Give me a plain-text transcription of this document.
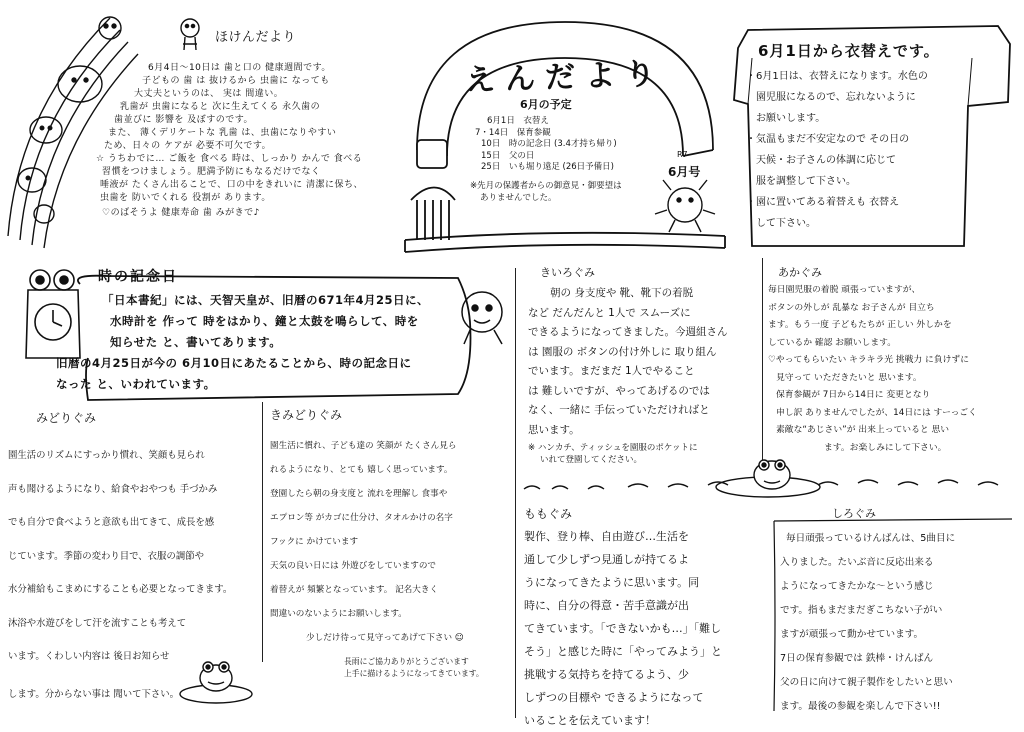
ほけんだより
6月4日〜10日は 歯と口の 健康週間です。
子どもの 歯 は 抜けるから 虫歯に なっても
大丈夫というのは、 実は 間違い。
乳歯が 虫歯になると 次に生えてくる 永久歯の
歯並びに 影響を 及ぼすのです。
また、 薄くデリケートな 乳歯 は、虫歯になりやすい
ため、日々の ケアが 必要不可欠です。
☆ うちわでに… ご飯を 食べる 時は、しっかり かんで 食べる
習慣をつけましょう。肥満予防にもなるだけでなく
唾液が たくさん出ることで、口の中をきれいに 清潔に保ち、
虫歯を 防いでくれる 役割が あります。
♡のばそうよ 健康寿命 歯 みがきで♪
えんだより
6月の予定
6月1日　衣替え
7・14日　保育参観
10日　時の記念日 (3.4才持ち帰り)
15日　父の日
25日　いも堀り遠足 (26日予備日)
※先月の保護者からの御意見・御要望は
ありませんでした。
6月号
R7
6月1日から衣替えです。
・6月1日は、衣替えになります。水色の
　園児服になるので、忘れないように
　お願いします。
・気温もまだ不安定なので その日の
　天候・お子さんの体調に応じて
　服を調整して下さい。
・園に置いてある着替えも 衣替え
　して下さい。
時の記念日
「日本書紀」には、天智天皇が、旧暦の671年4月25日に、
水時計を 作って 時をはかり、鐘と太鼓を鳴らして、時を
知らせた と、書いてあります。
旧暦の4月25日が今の 6月10日にあたることから、時の記念日に
なった と、いわれています。
きいろぐみ
朝の 身支度や 靴、靴下の着脱
など だんだんと 1人で スムーズに
できるようになってきました。今週組さん
は 園服の ボタンの付け外しに 取り組ん
でいます。まだまだ 1人でやること
は 難しいですが、やってあげるのでは
なく、一緒に 手伝っていただければと
思います。
※ ハンカチ、ティッシュを園服のポケットに
いれて登園してください。
あかぐみ
毎日園児服の着脱 頑張っていますが、
ボタンの外しが 乱暴な お子さんが 目立ち
ます。もう一度 子どもたちが 正しい 外しかを
しているか 確認 お願いします。
♡やってもらいたい キラキラ光 挑戦力 に負けずに
見守って いただきたいと 思います。
保育参観が 7日から14日に 変更となり
申し訳 ありませんでしたが、14日には すーっごく
素敵な“あじさい”が 出来上っていると 思い
ます。お楽しみにして下さい。
みどりぐみ
園生活のリズムにすっかり慣れ、笑顔も見られ
声も聞けるようになり、給食やおやつも 手づかみ
でも自分で食べようと意欲も出てきて、成長を感
じています。季節の変わり目で、衣服の調節や
水分補給もこまめにすることも必要となってきます。
沐浴や水遊びをして汗を流すことも考えて
います。くわしい内容は 後日お知らせ
します。分からない事は 聞いて下さい。
きみどりぐみ
園生活に慣れ、子ども達の 笑顔が たくさん見ら
れるようになり、とても 嬉しく思っています。
登園したら朝の身支度と 流れを理解し 食事や
エプロン等 がカゴに仕分け、タオルかけの名字
フックに かけています
天気の良い日には 外遊びをしていますので
着替えが 頻繁となっています。 記名大きく
間違いのないようにお願いします。
少しだけ待って見守ってあげて下さい ☺
長雨にご協力ありがとうございます
上手に描けるようになってきています。
ももぐみ
製作、登り棒、自由遊び…生活を
通して少しずつ見通しが持てるよ
うになってきたように思います。同
時に、自分の得意・苦手意識が出
てきています。「できないかも…」「難し
そう」と感じた時に「やってみよう」と
挑戦する気持ちを持てるよう、少
しずつの目標や できるようになって
いることを伝えています！
しろぐみ
毎日頑張っているけんばんは、5曲目に
入りました。たいぶ音に反応出来る
ようになってきたかな〜という感じ
です。指もまだまだぎこちない子がい
ますが頑張って動かせています。
7日の保育参観では 鉄棒・けんばん
父の日に向けて親子製作をしたいと思い
ます。最後の参観を楽しんで下さい!!
